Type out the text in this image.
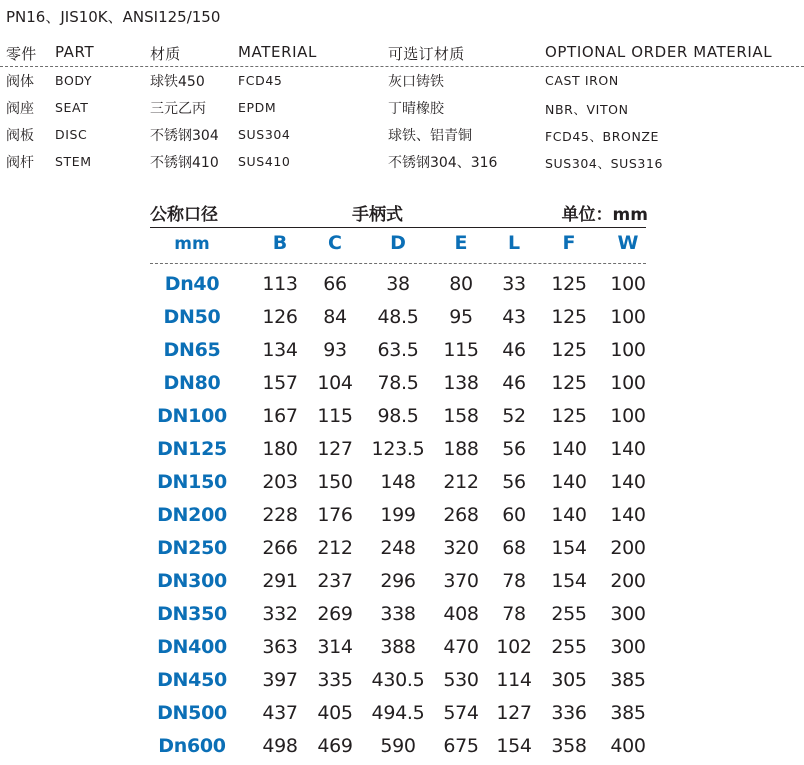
PN16、JIS10K、ANSI125/150
零件 PART	材质	MATERIAL	可选订材质	OPTIONAL ORDER MATERIAL
阀体 BODY	球铁450	FCD45	灰口铸铁	CAST IRON
阀座 SEAT	三元乙丙	EPDM	丁晴橡胶	NBR、VITON
阀板 DISC	不锈钢304 SUS304	球铁、铝青铜	FCD45、BRONZE
阀杆 STEM	不锈钢410 SUS410	不锈钢304、316	SUS304、SUS316
公称口径	手柄式	单位：mm
mm	B C	D	E L F W
Dn40 113 66 38 80 33 125 100
DN50 126 84 48.5 95 43 125 100
DN65 134 93 63.5 115 46 125 100
DN80 157 104 78.5 138 46 125 100
DN100 167 115 98.5 158 52 125 100
DN125 180 127 123.5 188 56 140 140
DN150 203 150 148 212 56 140 140
DN200 228 176 199 268 60 140 140
DN250 266 212 248 320 68 154 200
DN300 291 237 296 370 78 154 200
DN350 332 269 338 408 78 255 300
DN400 363 314 388 470 102 255 300
DN450 397 335 430.5 530 114 305 385
DN500 437 405 494.5 574 127 336 385
Dn600 498 469 590 675 154 358 400
